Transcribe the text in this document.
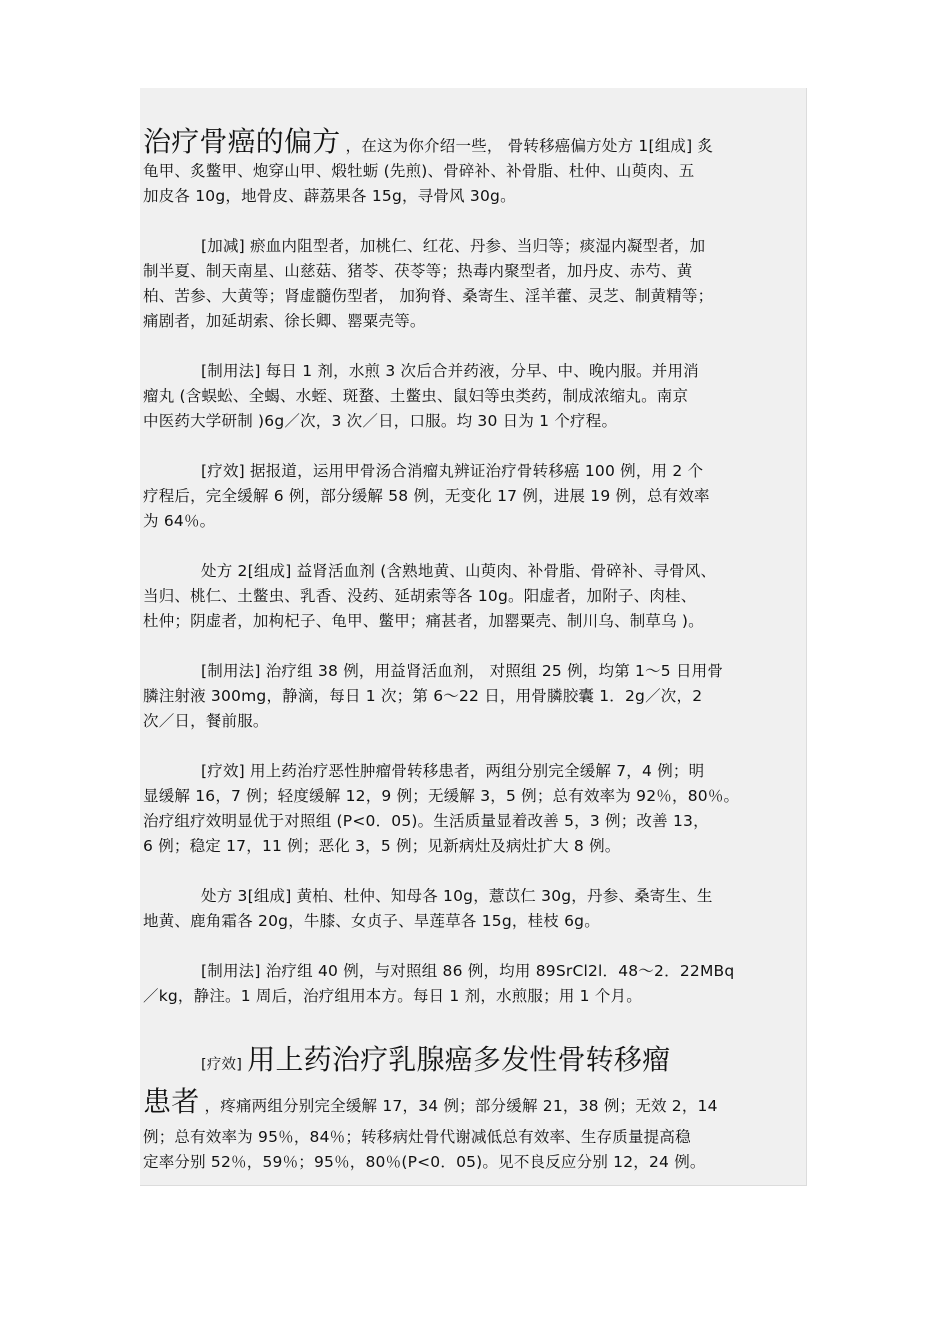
治疗骨癌的偏方 ，在这为你介绍一些， 骨转移癌偏方处方 1[组成] 炙
龟甲、炙鳖甲、炮穿山甲、煅牡蛎 (先煎)、骨碎补、补骨脂、杜仲、山萸肉、五
加皮各 10g，地骨皮、薜荔果各 15g，寻骨风 30g。
[加减] 瘀血内阻型者，加桃仁、红花、丹参、当归等；痰湿内凝型者，加
制半夏、制天南星、山慈菇、猪苓、茯苓等；热毒内聚型者，加丹皮、赤芍、黄
柏、苦参、大黄等；肾虚髓伤型者， 加狗脊、桑寄生、淫羊藿、灵芝、制黄精等；
痛剧者，加延胡索、徐长卿、罂粟壳等。
[制用法] 每日 1 剂，水煎 3 次后合并药液，分早、中、晚内服。并用消
瘤丸 (含蜈蚣、全蝎、水蛭、斑蝥、土鳖虫、鼠妇等虫类药，制成浓缩丸。南京
中医药大学研制 )6g／次，3 次／日，口服。均 30 日为 1 个疗程。
[疗效] 据报道，运用甲骨汤合消瘤丸辨证治疗骨转移癌 100 例，用 2 个
疗程后，完全缓解 6 例，部分缓解 58 例，无变化 17 例，进展 19 例，总有效率
为 64％。
处方 2[组成] 益肾活血剂 (含熟地黄、山萸肉、补骨脂、骨碎补、寻骨风、
当归、桃仁、土鳖虫、乳香、没药、延胡索等各 10g。阳虚者，加附子、肉桂、
杜仲；阴虚者，加枸杞子、龟甲、鳖甲；痛甚者，加罂粟壳、制川乌、制草乌 )。
[制用法] 治疗组 38 例，用益肾活血剂， 对照组 25 例，均第 1～5 日用骨
膦注射液 300mg，静滴，每日 1 次；第 6～22 日，用骨膦胶囊 1．2g／次，2
次／日，餐前服。
[疗效] 用上药治疗恶性肿瘤骨转移患者，两组分别完全缓解 7，4 例；明
显缓解 16，7 例；轻度缓解 12，9 例；无缓解 3，5 例；总有效率为 92％，80％。
治疗组疗效明显优于对照组 (P<0．05)。生活质量显着改善 5，3 例；改善 13，
6 例；稳定 17，11 例；恶化 3，5 例；见新病灶及病灶扩大 8 例。
处方 3[组成] 黄柏、杜仲、知母各 10g，薏苡仁 30g，丹参、桑寄生、生
地黄、鹿角霜各 20g，牛膝、女贞子、旱莲草各 15g，桂枝 6g。
[制用法] 治疗组 40 例，与对照组 86 例，均用 89SrCl2l．48～2．22MBq
／kg，静注。1 周后，治疗组用本方。每日 1 剂，水煎服；用 1 个月。
[疗效] 用上药治疗乳腺癌多发性骨转移瘤
患者 ，疼痛两组分别完全缓解 17，34 例；部分缓解 21，38 例；无效 2，14
例；总有效率为 95％，84％；转移病灶骨代谢减低总有效率、生存质量提高稳
定率分别 52％，59％；95％，80％(P<0．05)。见不良反应分别 12，24 例。
